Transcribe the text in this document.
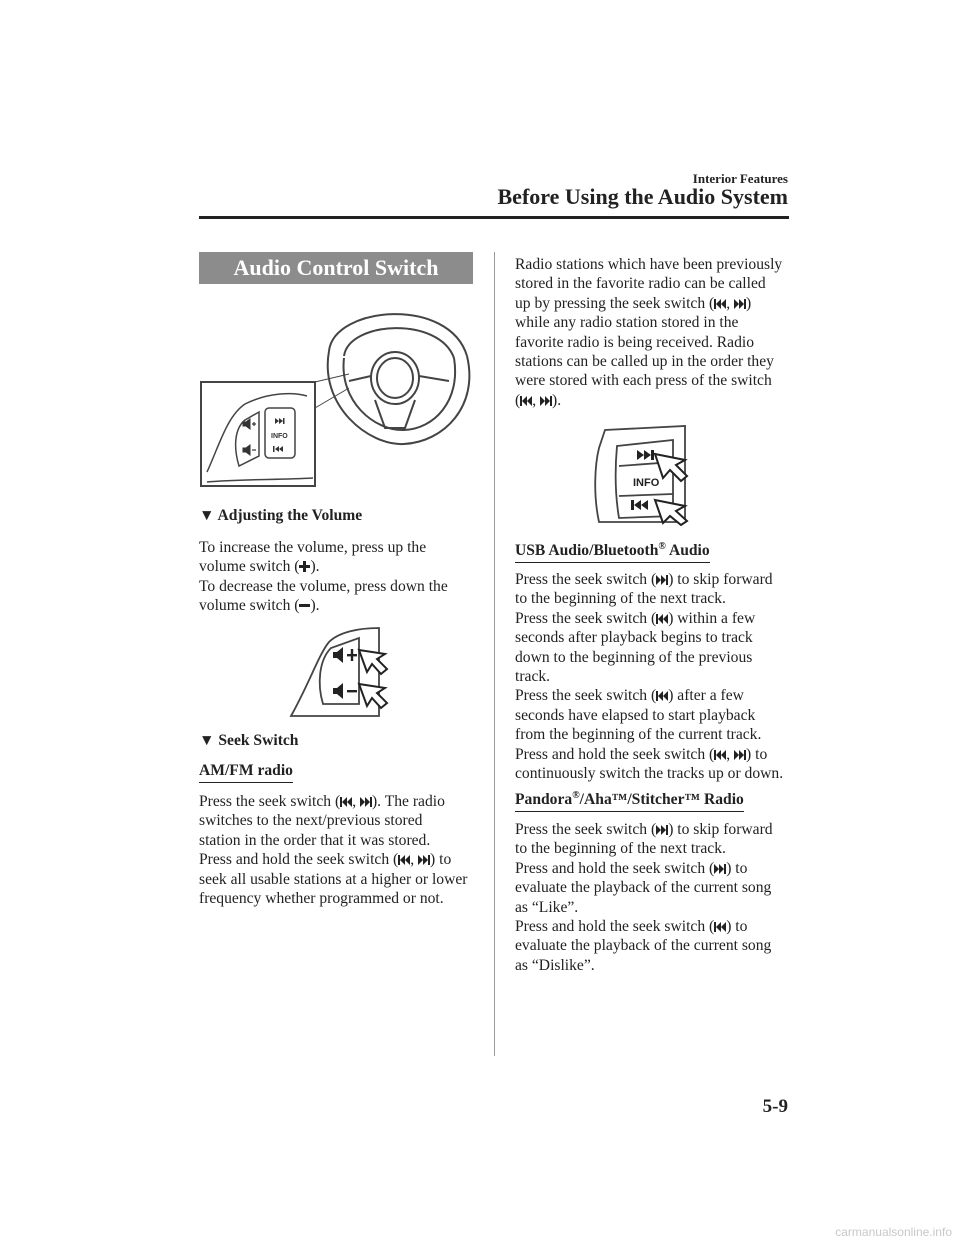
Interior Features
Before Using the Audio System
Audio Control Switch
INFO
▼ Adjusting the Volume

To increase the volume, press up the

volume switch ( ).

To decrease the volume, press down the

volume switch ( ).

▼ Seek Switch
AM/FM radio

Press the seek switch ( ,
). The radio

switches to the next/previous stored

station in the order that it was stored.

Press and hold the seek switch ( ,
) to

seek all usable stations at a higher or lower

frequency whether programmed or not.

Radio stations which have been previously

stored in the favorite radio can be called

up by pressing the seek switch ( ,
)

while any radio station stored in the

favorite radio is being received. Radio

stations can be called up in the order they

were stored with each press of the switch

( ,
).

INFO
USB Audio/Bluetooth® Audio

Press the seek switch ( ) to skip forward

to the beginning of the next track.

Press the seek switch ( ) within a few

seconds after playback begins to track

down to the beginning of the previous

track.

Press the seek switch ( ) after a few

seconds have elapsed to start playback

from the beginning of the current track.

Press and hold the seek switch ( ,
) to

continuously switch the tracks up or down.

Pandora®/Aha™/Stitcher™ Radio

Press the seek switch ( ) to skip forward

to the beginning of the next track.

Press and hold the seek switch ( ) to

evaluate the playback of the current song

as “Like”.

Press and hold the seek switch ( ) to

evaluate the playback of the current song

as “Dislike”.

5-9
carmanualsonline.info
